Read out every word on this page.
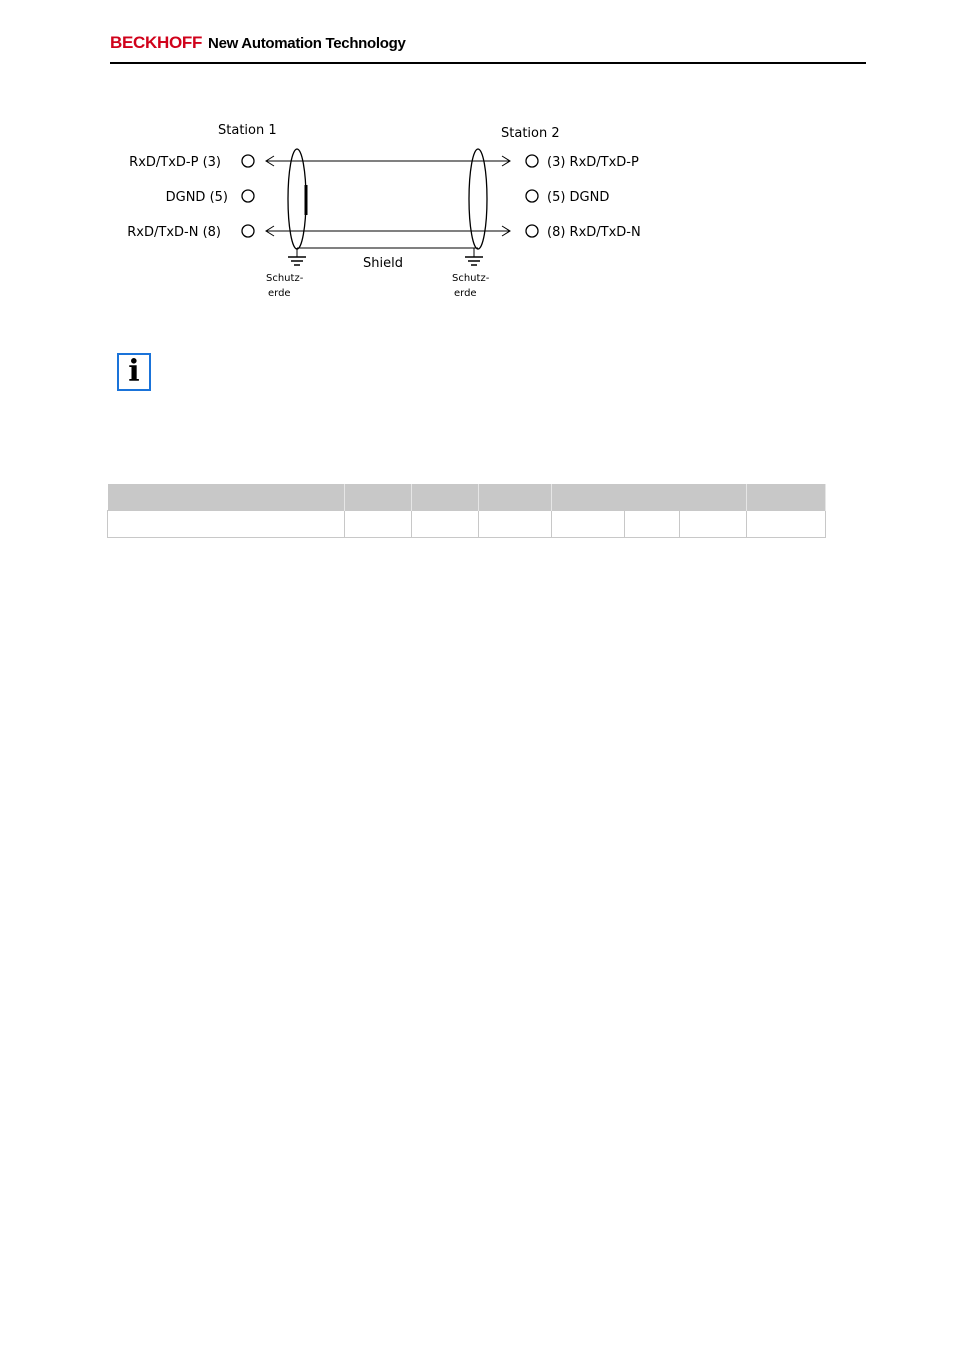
BECKHOFF New Automation Technology
Station 1	Station 2
RxD/TxD-P (3)
DGND (5)
RxD/TxD-N (8)
(3) RxD/TxD-P
(5) DGND
(8) RxD/TxD-N
Shield
Schutz-
erde
Schutz-
erde
i
